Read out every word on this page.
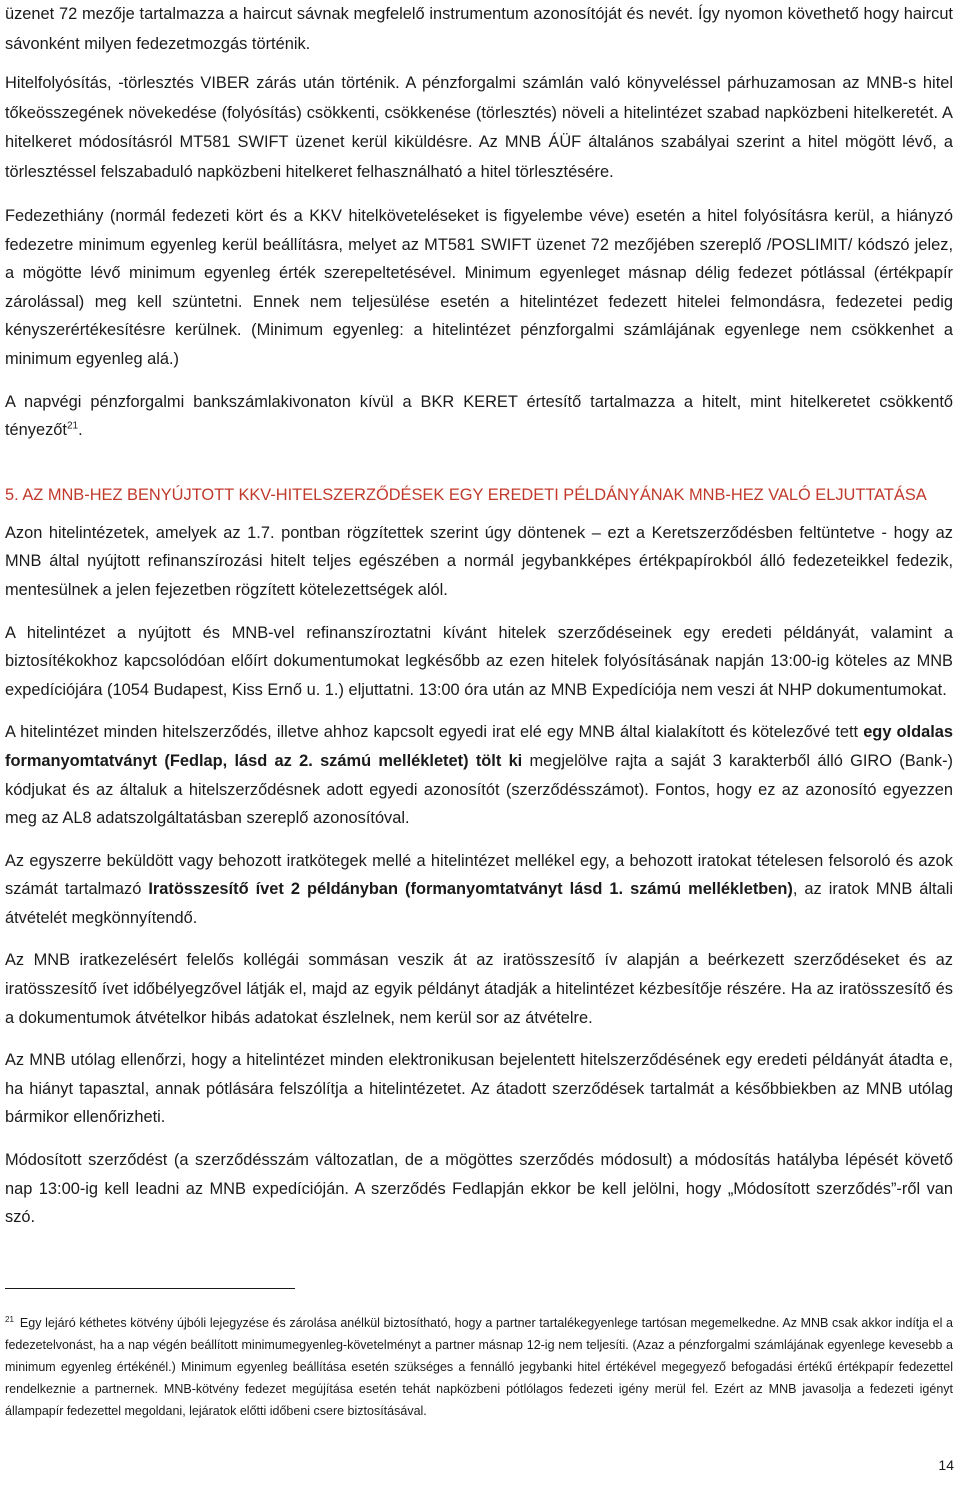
üzenet 72 mezője tartalmazza a haircut sávnak megfelelő instrumentum azonosítóját és nevét. Így nyomon követhető hogy haircut sávonként milyen fedezetmozgás történik.

Hitelfolyósítás, -törlesztés VIBER zárás után történik. A pénzforgalmi számlán való könyveléssel párhuzamosan az MNB-s hitel tőkeösszegének növekedése (folyósítás) csökkenti, csökkenése (törlesztés) növeli a hitelintézet szabad napközbeni hitelkeretét. A hitelkeret módosításról MT581 SWIFT üzenet kerül kiküldésre. Az MNB ÁÜF általános szabályai szerint a hitel mögött lévő, a törlesztéssel felszabaduló napközbeni hitelkeret felhasználható a hitel törlesztésére.

Fedezethiány (normál fedezeti kört és a KKV hitelköveteléseket is figyelembe véve) esetén a hitel folyósításra kerül, a hiányzó fedezetre minimum egyenleg kerül beállításra, melyet az MT581 SWIFT üzenet 72 mezőjében szereplő /POSLIMIT/ kódszó jelez, a mögötte lévő minimum egyenleg érték szerepeltetésével. Minimum egyenleget másnap délig fedezet pótlással (értékpapír zárolással) meg kell szüntetni. Ennek nem teljesülése esetén a hitelintézet fedezett hitelei felmondásra, fedezetei pedig kényszerértékesítésre kerülnek. (Minimum egyenleg: a hitelintézet pénzforgalmi számlájának egyenlege nem csökkenhet a minimum egyenleg alá.)

A napvégi pénzforgalmi bankszámlakivonaton kívül a BKR KERET értesítő tartalmazza a hitelt, mint hitelkeretet csökkentő tényezőt$^{21}$.

5. AZ MNB-HEZ BENYÚJTOTT KKV-HITELSZERZŐDÉSEK EGY EREDETI PÉLDÁNYÁNAK MNB-HEZ VALÓ ELJUTTATÁSA

Azon hitelintézetek, amelyek az 1.7. pontban rögzítettek szerint úgy döntenek – ezt a Keretszerződésben feltüntetve - hogy az MNB által nyújtott refinanszírozási hitelt teljes egészében a normál jegybankképes értékpapírokból álló fedezeteikkel fedezik, mentesülnek a jelen fejezetben rögzített kötelezettségek alól.

A hitelintézet a nyújtott és MNB-vel refinanszíroztatni kívánt hitelek szerződéseinek egy eredeti példányát, valamint a biztosítékokhoz kapcsolódóan előírt dokumentumokat legkésőbb az ezen hitelek folyósításának napján 13:00-ig köteles az MNB expedíciójára (1054 Budapest, Kiss Ernő u. 1.) eljuttatni. 13:00 óra után az MNB Expedíciója nem veszi át NHP dokumentumokat.

A hitelintézet minden hitelszerződés, illetve ahhoz kapcsolt egyedi irat elé egy MNB által kialakított és kötelezővé tett egy oldalas formanyomtatványt (Fedlap, lásd az 2. számú mellékletet) tölt ki megjelölve rajta a saját 3 karakterből álló GIRO (Bank-) kódjukat és az általuk a hitelszerződésnek adott egyedi azonosítót (szerződésszámot). Fontos, hogy ez az azonosító egyezzen meg az AL8 adatszolgáltatásban szereplő azonosítóval.

Az egyszerre beküldött vagy behozott iratkötegek mellé a hitelintézet mellékel egy, a behozott iratokat tételesen felsoroló és azok számát tartalmazó Iratösszesítő ívet 2 példányban (formanyomtatványt lásd 1. számú mellékletben), az iratok MNB általi átvételét megkönnyítendő.

Az MNB iratkezelésért felelős kollégái sommásan veszik át az iratösszesítő ív alapján a beérkezett szerződéseket és az iratösszesítő ívet időbélyegzővel látják el, majd az egyik példányt átadják a hitelintézet kézbesítője részére. Ha az iratösszesítő és a dokumentumok átvételkor hibás adatokat észlelnek, nem kerül sor az átvételre.

Az MNB utólag ellenőrzi, hogy a hitelintézet minden elektronikusan bejelentett hitelszerződésének egy eredeti példányát átadta e, ha hiányt tapasztal, annak pótlására felszólítja a hitelintézetet. Az átadott szerződések tartalmát a későbbiekben az MNB utólag bármikor ellenőrizheti.

Módosított szerződést (a szerződésszám változatlan, de a mögöttes szerződés módosult) a módosítás hatályba lépését követő nap 13:00-ig kell leadni az MNB expedícióján. A szerződés Fedlapján ekkor be kell jelölni, hogy „Módosított szerződés”-ről van szó.

$^{21}$ Egy lejáró kéthetes kötvény újbóli lejegyzése és zárolása anélkül biztosítható, hogy a partner tartalékegyenlege tartósan megemelkedne. Az MNB csak akkor indítja el a fedezetelvonást, ha a nap végén beállított minimumegyenleg-követelményt a partner másnap 12-ig nem teljesíti. (Azaz a pénzforgalmi számlájának egyenlege kevesebb a minimum egyenleg értékénél.) Minimum egyenleg beállítása esetén szükséges a fennálló jegybanki hitel értékével megegyező befogadási értékű értékpapír fedezettel rendelkeznie a partnernek. MNB-kötvény fedezet megújítása esetén tehát napközbeni pótlólagos fedezeti igény merül fel. Ezért az MNB javasolja a fedezeti igényt állampapír fedezettel megoldani, lejáratok előtti időbeni csere biztosításával.

14
